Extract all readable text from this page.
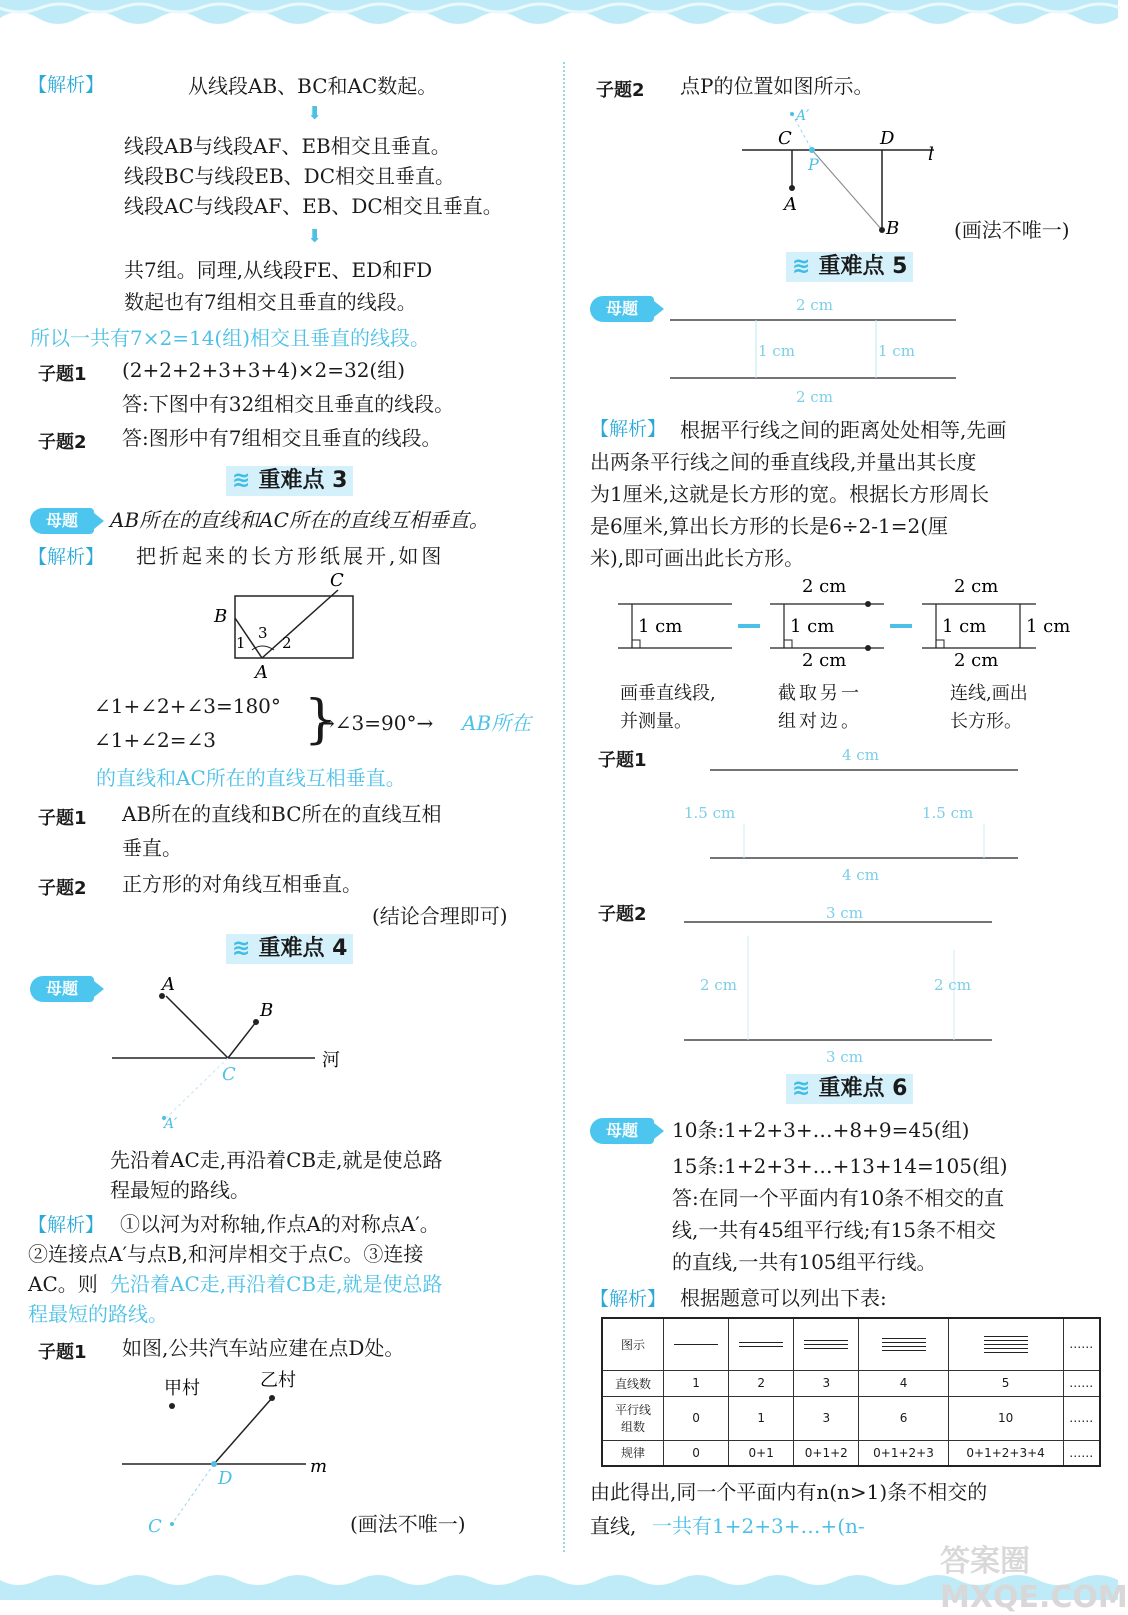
【解析】	从线段AB、BC和AC数起。
⬇
线段AB与线段AF、EB相交且垂直。
线段BC与线段EB、DC相交且垂直。
线段AC与线段AF、EB、DC相交且垂直。
⬇
共7组。同理,从线段FE、ED和FD
数起也有7组相交且垂直的线段。
所以一共有7×2=14(组)相交且垂直的线段。
子题1 (2+2+2+3+3+4)×2=32(组)
答:下图中有32组相交且垂直的线段。
子题2 答:图形中有7组相交且垂直的线段。
≋ 重难点 3
母题	AB所在的直线和AC所在的直线互相垂直。
【解析】 把折起来的长方形纸展开,如图
C
B
A
1
3
2
∠1+∠2+∠3=180°
∠1+∠2=∠3 }
→∠3=90°→ AB所在
的直线和AC所在的直线互相垂直。
子题1 AB所在的直线和BC所在的直线互相
垂直。
子题2 正方形的对角线互相垂直。
(结论合理即可)
≋ 重难点 4
母题	A
B
C
河
A′
先沿着AC走,再沿着CB走,就是使总路
程最短的路线。
【解析】 ①以河为对称轴,作点A的对称点A′。
②连接点A′与点B,和河岸相交于点C。③连接
AC。则 先沿着AC走,再沿着CB走,就是使总路
程最短的路线。
子题1 如图,公共汽车站应建在点D处。
甲村	乙村
m
D
C	(画法不唯一)
子题2 点P的位置如图所示。
A′
C	D
l
P
A
B	(画法不唯一)
≋ 重难点 5
母题	2 cm
1 cm	1 cm
2 cm
【解析】 根据平行线之间的距离处处相等,先画
出两条平行线之间的垂直线段,并量出其长度
为1厘米,这就是长方形的宽。根据长方形周长
是6厘米,算出长方形的长是6÷2-1=2(厘
米),即可画出此长方形。
1 cm
2 cm
1 cm
2 cm
2 cm
1 cm 1 cm
2 cm
画垂直线段,
并测量。
截取另一
组对边。
连线,画出
长方形。
子题1	4 cm
1.5 cm	1.5 cm
4 cm
子题2	3 cm
2 cm	2 cm
3 cm
≋ 重难点 6
母题	10条:1+2+3+…+8+9=45(组)
15条:1+2+3+…+13+14=105(组)
答:在同一个平面内有10条不相交的直
线,一共有45组平行线;有15条不相交
的直线,一共有105组平行线。
【解析】 根据题意可以列出下表:
图示						……
直线数	1	2	3	4	5	……
平行线
组数	0	1	3	6	10	……
规律	0	0+1	0+1+2	0+1+2+3	0+1+2+3+4	……
由此得出,同一个平面内有n(n>1)条不相交的
直线, 一共有1+2+3+…+(n-
答案圈 MXQE.COM
